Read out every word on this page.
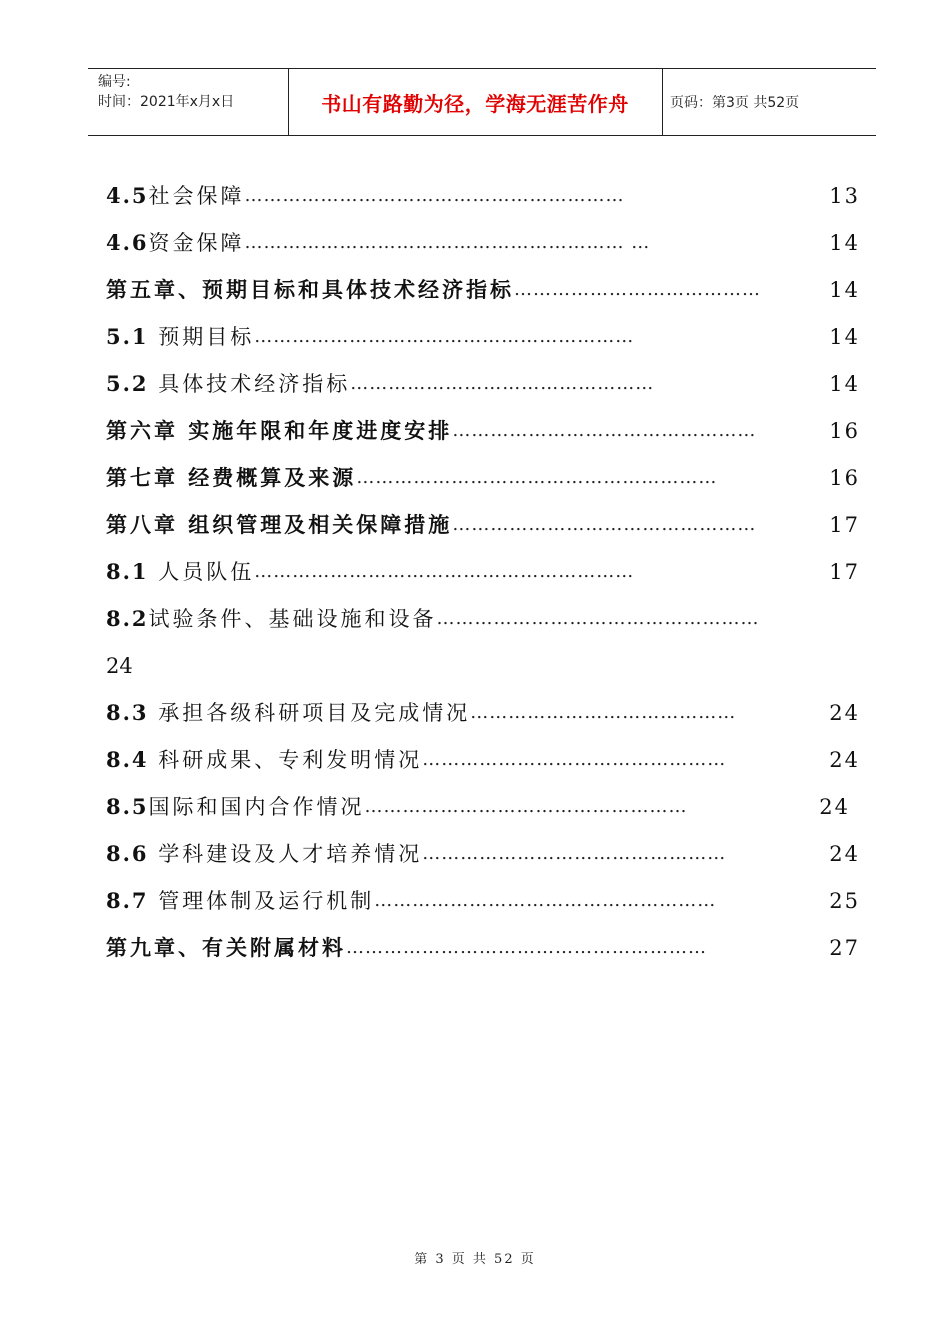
编号:
时间：2021年x月x日	书山有路勤为径，学海无涯苦作舟	页码：第3页 共52页
4.5社会保障……………………………………………………	13
4.6资金保障…………………………………………………… …	14
第五章、预期目标和具体技术经济指标…………………………………	14
5.1 预期目标……………………………………………………	14
5.2 具体技术经济指标…………………………………………	14
第六章 实施年限和年度进度安排…………………………………………	16
第七章 经费概算及来源…………………………………………………	16
第八章 组织管理及相关保障措施…………………………………………	17
8.1 人员队伍……………………………………………………	17
8.2试验条件、基础设施和设备……………………………………………
24
8.3 承担各级科研项目及完成情况……………………………………	24
8.4 科研成果、专利发明情况…………………………………………	24
8.5国际和国内合作情况……………………………………………	24
8.6 学科建设及人才培养情况…………………………………………	24
8.7 管理体制及运行机制………………………………………………	25
第九章、有关附属材料…………………………………………………	27
第 3 页 共 52 页
